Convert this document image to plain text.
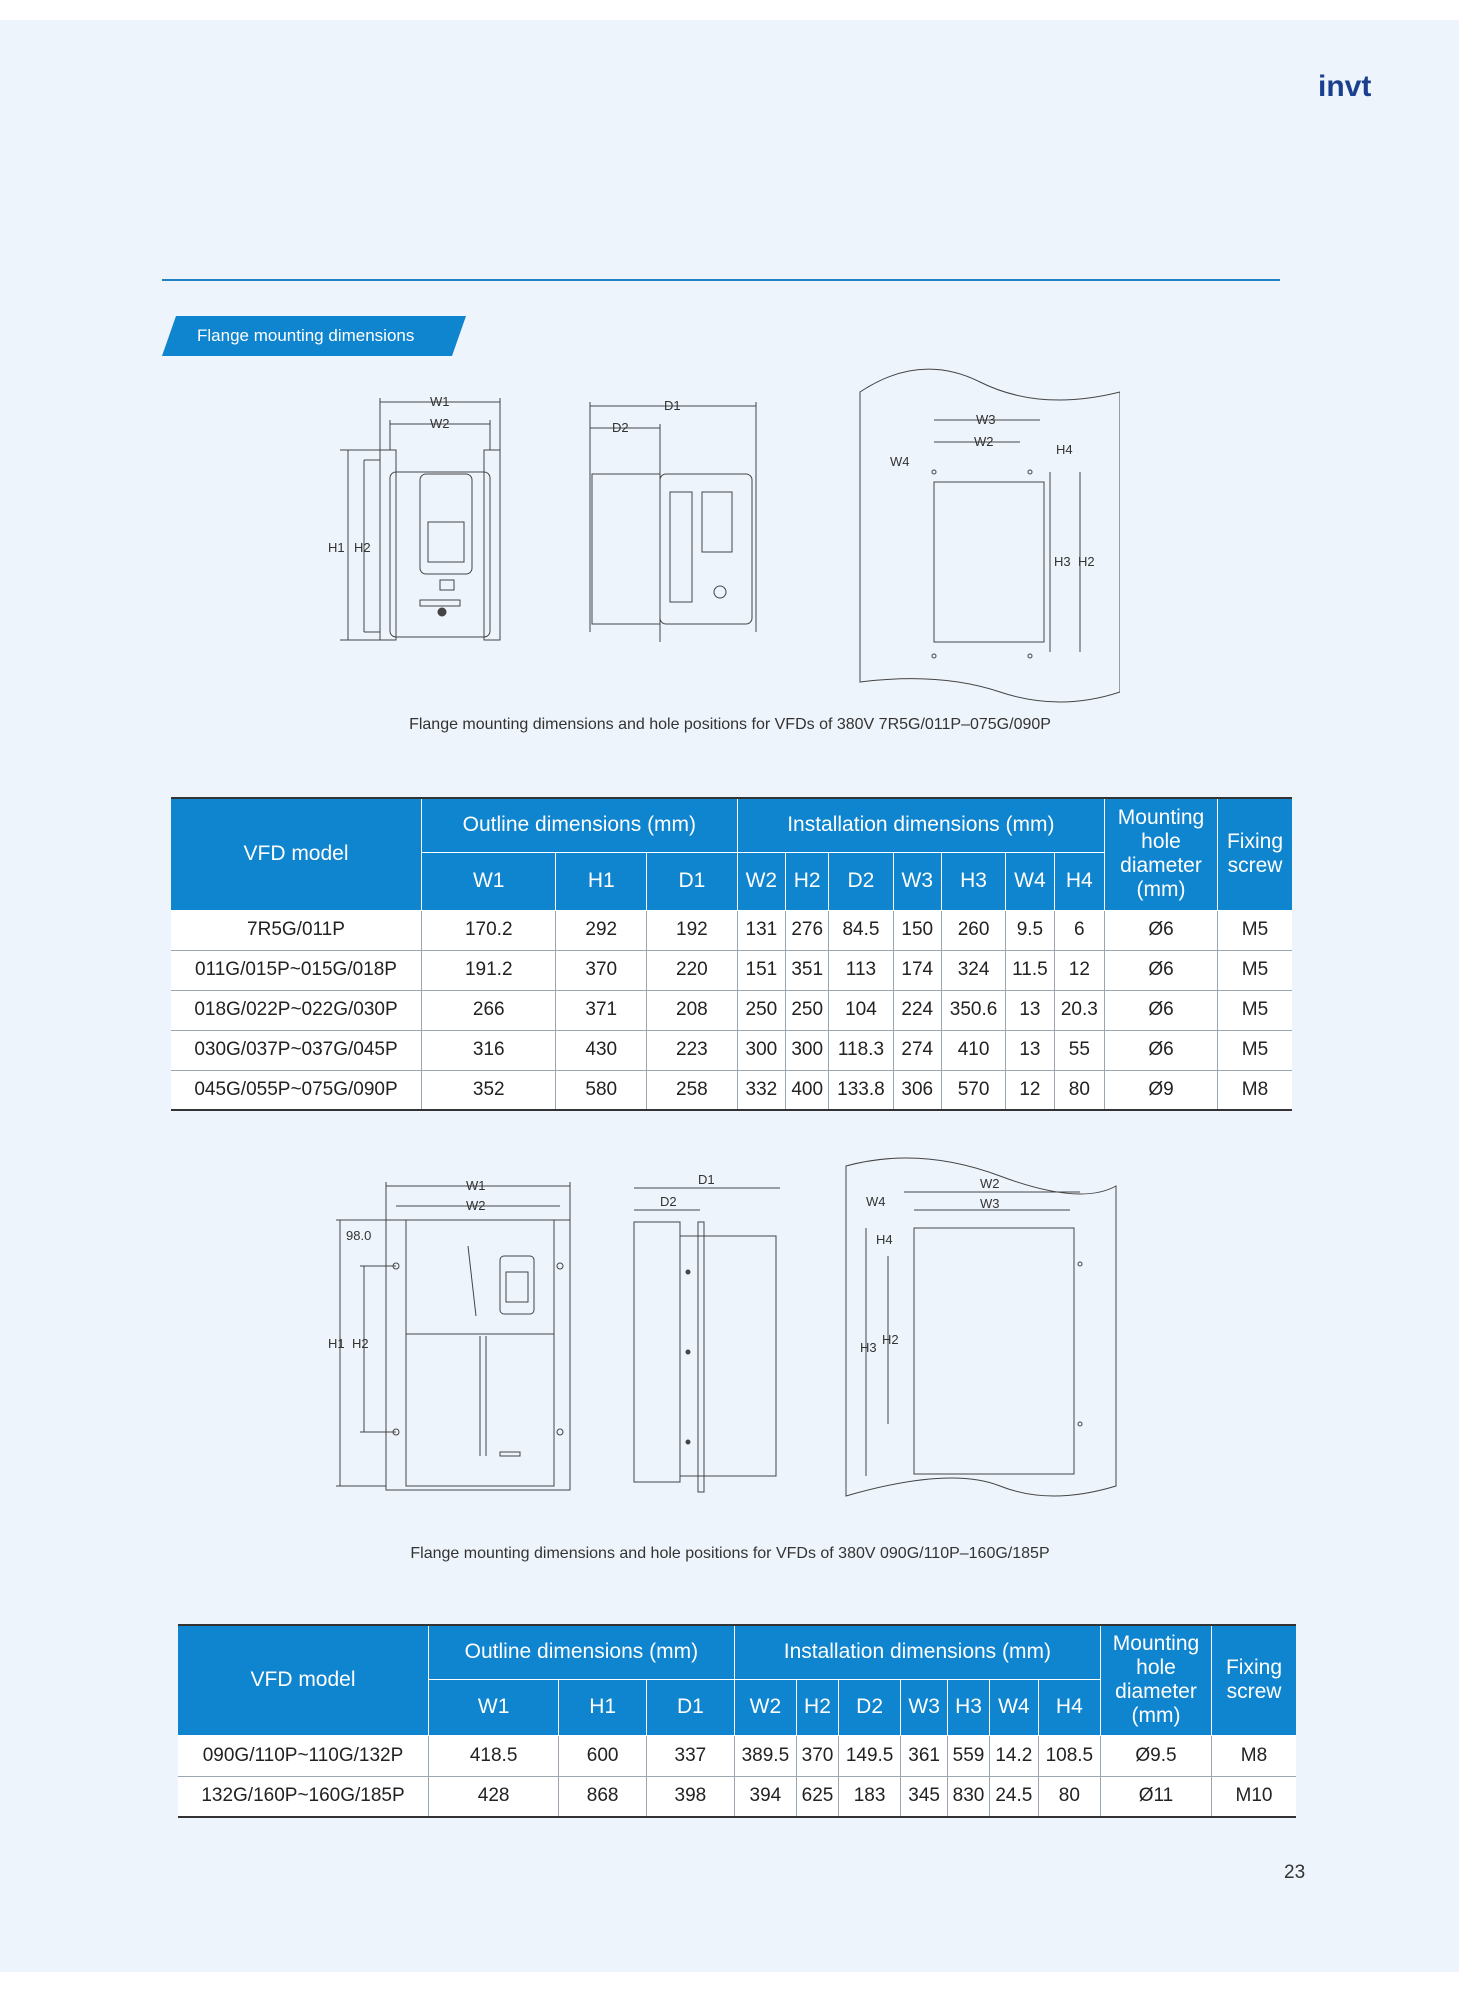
invt
Flange mounting dimensions
W1
W2
H1 H2
D1
D2
W3
W2
W4
H4
H3 H2
Flange mounting dimensions and hole positions for VFDs of 380V 7R5G/011P–075G/090P
VFD model	Outline dimensions (mm)			Installation dimensions (mm)							Mounting hole diameter (mm)	Fixing screw
	W1	H1	D1	W2	H2	D2	W3	H3	W4	H4		
7R5G/011P	170.2	292	192	131	276	84.5	150	260	9.5	6	Ø6	M5
011G/015P~015G/018P	191.2	370	220	151	351	113	174	324	11.5	12	Ø6	M5
018G/022P~022G/030P	266	371	208	250	250	104	224	350.6	13	20.3	Ø6	M5
030G/037P~037G/045P	316	430	223	300	300	118.3	274	410	13	55	Ø6	M5
045G/055P~075G/090P	352	580	258	332	400	133.8	306	570	12	80	Ø9	M8
W1
W2
98.0
H1 H2
D1
D2
W2
W3
W4
H4
H3
H2
Flange mounting dimensions and hole positions for VFDs of 380V 090G/110P–160G/185P
VFD model	Outline dimensions (mm)			Installation dimensions (mm)							Mounting hole diameter (mm)	Fixing screw
	W1	H1	D1	W2	H2	D2	W3	H3	W4	H4		
090G/110P~110G/132P	418.5	600	337	389.5	370	149.5	361	559	14.2	108.5	Ø9.5	M8
132G/160P~160G/185P	428	868	398	394	625	183	345	830	24.5	80	Ø11	M10
23
